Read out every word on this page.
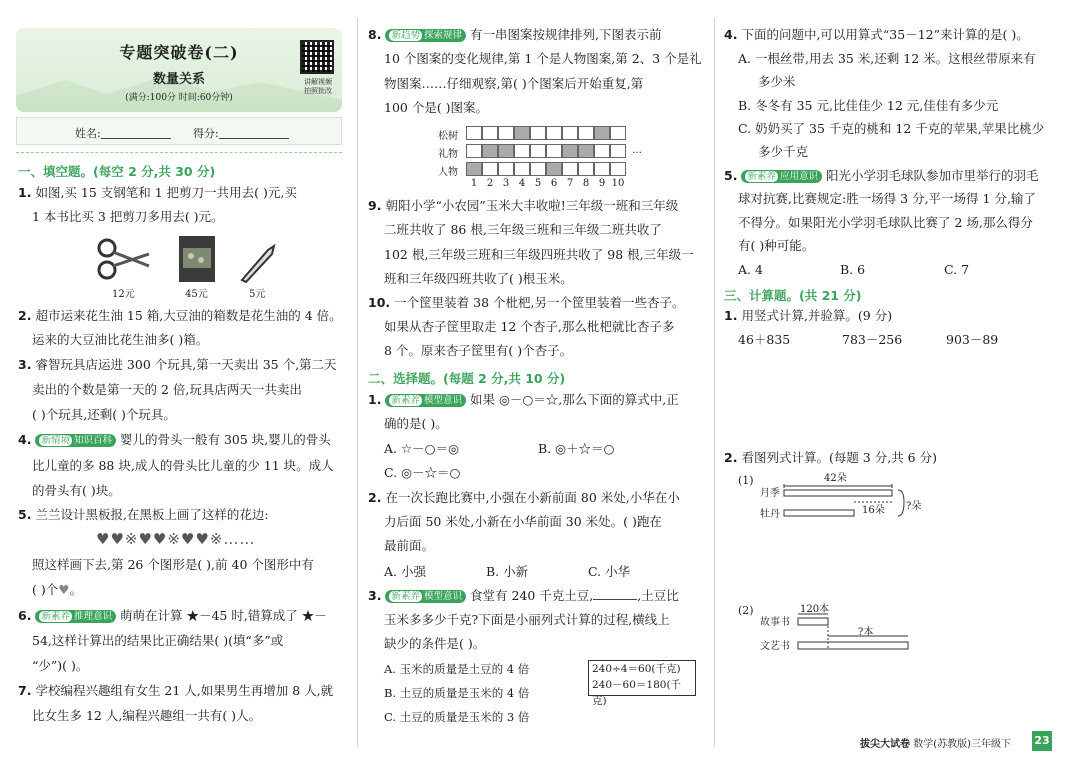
专题突破卷(二)
数量关系
(满分:100分 时间:60分钟)
讲解视频
拍照批改
姓名:	得分:
一、填空题。(每空 2 分,共 30 分)
1. 如图,买 15 支钢笔和 1 把剪刀一共用去( )元,买
1 本书比买 3 把剪刀多用去( )元。
12元	45元	5元
2. 超市运来花生油 15 箱,大豆油的箱数是花生油的 4 倍。
运来的大豆油比花生油多( )箱。
3. 睿智玩具店运进 300 个玩具,第一天卖出 35 个,第二天
卖出的个数是第一天的 2 倍,玩具店两天一共卖出
( )个玩具,还剩( )个玩具。
4. 新情境 知识百科 婴儿的骨头一般有 305 块,婴儿的骨头
比儿童的多 88 块,成人的骨头比儿童的少 11 块。成人
的骨头有( )块。
5. 兰兰设计黑板报,在黑板上画了这样的花边:
♥♥※♥♥※♥♥※……
照这样画下去,第 26 个图形是( ),前 40 个图形中有
( )个♥。
6. 新素养 推理意识 萌萌在计算 ★－45 时,错算成了 ★－
54,这样计算出的结果比正确结果( )(填“多”或
“少”)( )。
7. 学校编程兴趣组有女生 21 人,如果男生再增加 8 人,就
比女生多 12 人,编程兴趣组一共有( )人。
8. 新趋势 探索规律 有一串图案按规律排列,下图表示前
10 个图案的变化规律,第 1 个是人物图案,第 2、3 个是礼
物图案……仔细观察,第( )个图案后开始重复,第
100 个是( )图案。
松树
礼物
人物
1 2 3 4 5 6 7 8 9 10
…
9. 朝阳小学“小农园”玉米大丰收啦!三年级一班和三年级
二班共收了 86 根,三年级三班和三年级二班共收了
102 根,三年级三班和三年级四班共收了 98 根,三年级一
班和三年级四班共收了( )根玉米。
10. 一个筐里装着 38 个枇杷,另一个筐里装着一些杏子。
如果从杏子筐里取走 12 个杏子,那么枇杷就比杏子多
8 个。原来杏子筐里有( )个杏子。
二、选择题。(每题 2 分,共 10 分)
1. 新素养 模型意识 如果 ◎－○＝☆,那么下面的算式中,正
确的是( )。
A. ☆－○＝◎	B. ◎＋☆＝○
C. ◎－☆＝○
2. 在一次长跑比赛中,小强在小新前面 80 米处,小华在小
力后面 50 米处,小新在小华前面 30 米处。( )跑在
最前面。
A. 小强	B. 小新	C. 小华
3. 新素养 模型意识 食堂有 240 千克土豆,	,土豆比
玉米多多少千克?下面是小丽列式计算的过程,横线上
缺少的条件是( )。
A. 玉米的质量是土豆的 4 倍
B. 土豆的质量是玉米的 4 倍
C. 土豆的质量是玉米的 3 倍
240÷4＝60(千克)
240－60＝180(千克)
4. 下面的问题中,可以用算式“35－12”来计算的是( )。
A. 一根丝带,用去 35 米,还剩 12 米。这根丝带原来有
多少米
B. 冬冬有 35 元,比佳佳少 12 元,佳佳有多少元
C. 奶奶买了 35 千克的桃和 12 千克的苹果,苹果比桃少
多少千克
5. 新素养 应用意识 阳光小学羽毛球队参加市里举行的羽毛
球对抗赛,比赛规定:胜一场得 3 分,平一场得 1 分,输了
不得分。如果阳光小学羽毛球队比赛了 2 场,那么得分
有( )种可能。
A. 4	B. 6	C. 7
三、计算题。(共 21 分)
1. 用竖式计算,并验算。(9 分)
46＋835	783－256	903－89
2. 看图列式计算。(每题 3 分,共 6 分)
(1)	42朵
月季
牡丹	16朵 ?朵
(2)	120本
故事书
文艺书
?本
拔尖大试卷 数学(苏教版)三年级下 23
